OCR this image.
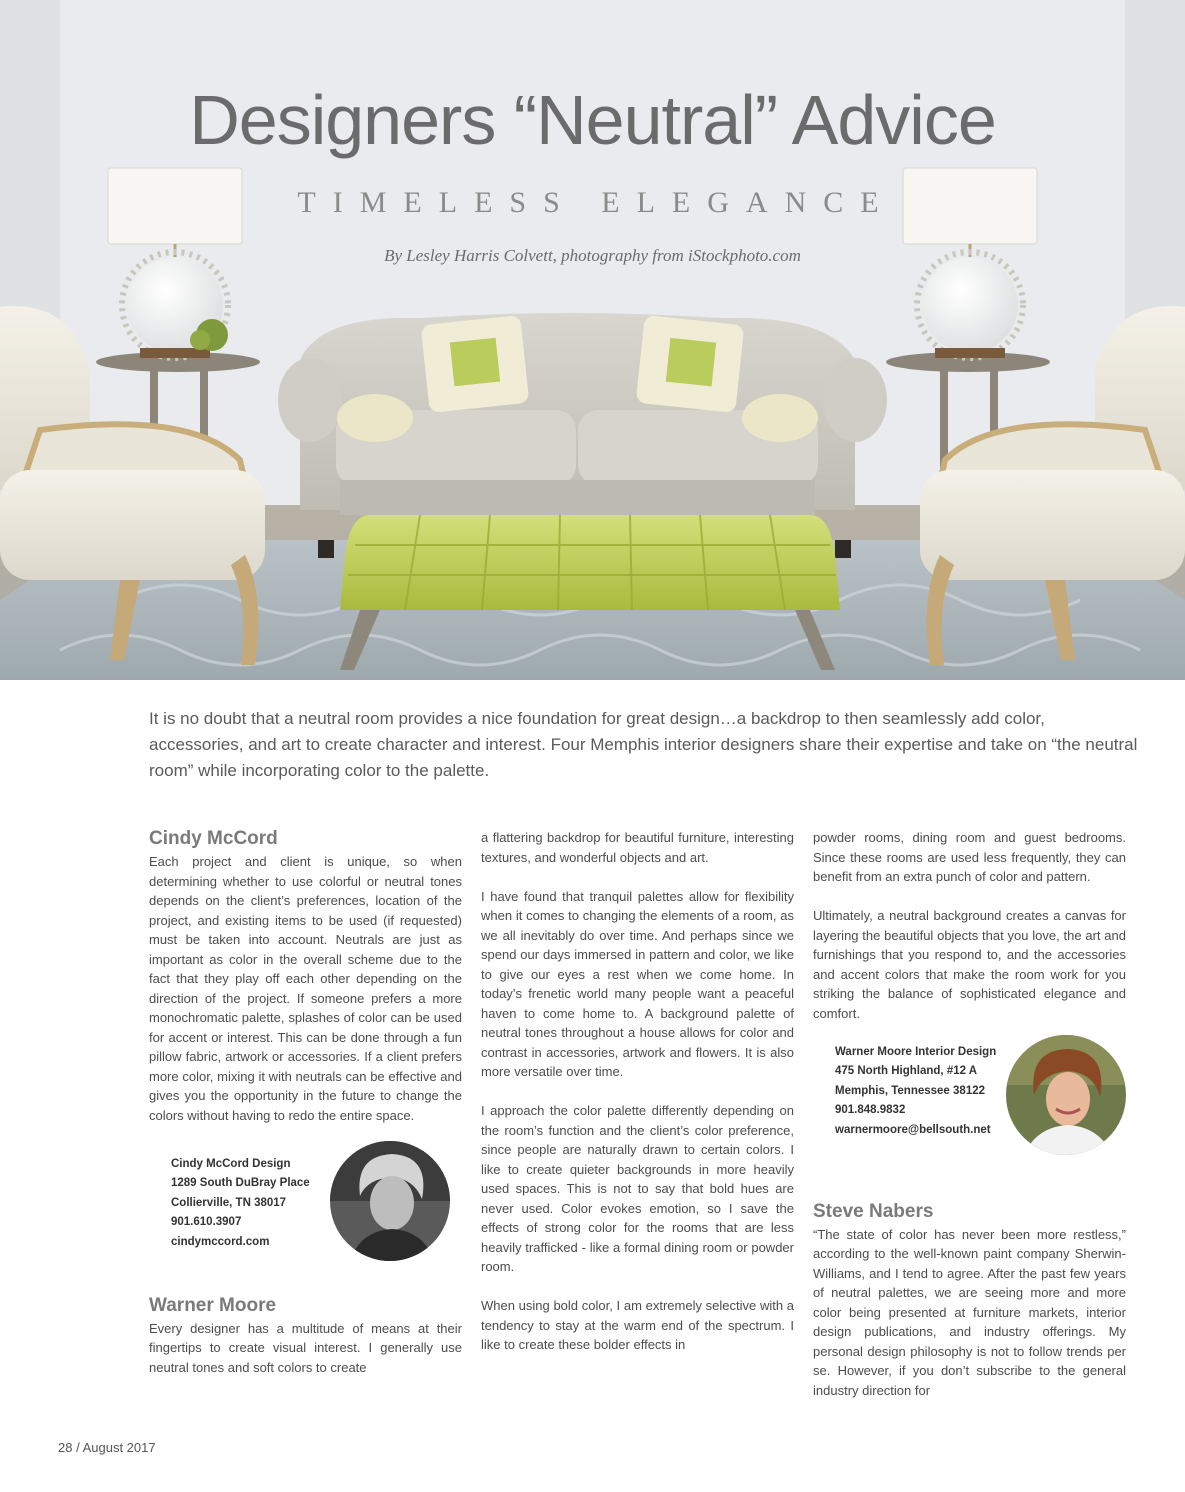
Designers “Neutral” Advice
TIMELESS ELEGANCE
By Lesley Harris Colvett, photography from iStockphoto.com

It is no doubt that a neutral room provides a nice foundation for great design…a backdrop to then seamlessly add color, accessories, and art to create character and interest. Four Memphis interior designers share their expertise and take on “the neutral room” while incorporating color to the palette.

Cindy McCord

Each project and client is unique, so when determining whether to use colorful or neutral tones depends on the client’s preferences, location of the project, and existing items to be used (if requested) must be taken into account. Neutrals are just as important as color in the overall scheme due to the fact that they play off each other depending on the direction of the project. If someone prefers a more monochromatic palette, splashes of color can be used for accent or interest. This can be done through a fun pillow fabric, artwork or accessories. If a client prefers more color, mixing it with neutrals can be effective and gives you the opportunity in the future to change the colors without having to redo the entire space.

Cindy McCord Design
1289 South DuBray Place
Collierville, TN 38017
901.610.3907
cindymccord.com
Warner Moore

Every designer has a multitude of means at their fingertips to create visual interest. I generally use neutral tones and soft colors to create

a flattering backdrop for beautiful furniture, interesting textures, and wonderful objects and art.

I have found that tranquil palettes allow for flexibility when it comes to changing the elements of a room, as we all inevitably do over time. And perhaps since we spend our days immersed in pattern and color, we like to give our eyes a rest when we come home. In today’s frenetic world many people want a peaceful haven to come home to. A background palette of neutral tones throughout a house allows for color and contrast in accessories, artwork and flowers. It is also more versatile over time.

I approach the color palette differently depending on the room’s function and the client’s color preference, since people are naturally drawn to certain colors. I like to create quieter backgrounds in more heavily used spaces. This is not to say that bold hues are never used. Color evokes emotion, so I save the effects of strong color for the rooms that are less heavily trafficked - like a formal dining room or powder room.

When using bold color, I am extremely selective with a tendency to stay at the warm end of the spectrum. I like to create these bolder effects in

powder rooms, dining room and guest bedrooms. Since these rooms are used less frequently, they can benefit from an extra punch of color and pattern.

Ultimately, a neutral background creates a canvas for layering the beautiful objects that you love, the art and furnishings that you respond to, and the accessories and accent colors that make the room work for you striking the balance of sophisticated elegance and comfort.

Warner Moore Interior Design
475 North Highland, #12 A
Memphis, Tennessee 38122
901.848.9832
warnermoore@bellsouth.net
Steve Nabers

“The state of color has never been more restless,” according to the well-known paint company Sherwin-Williams, and I tend to agree. After the past few years of neutral palettes, we are seeing more and more color being presented at furniture markets, interior design publications, and industry offerings. My personal design philosophy is not to follow trends per se. However, if you don’t subscribe to the general industry direction for

28 / August 2017
